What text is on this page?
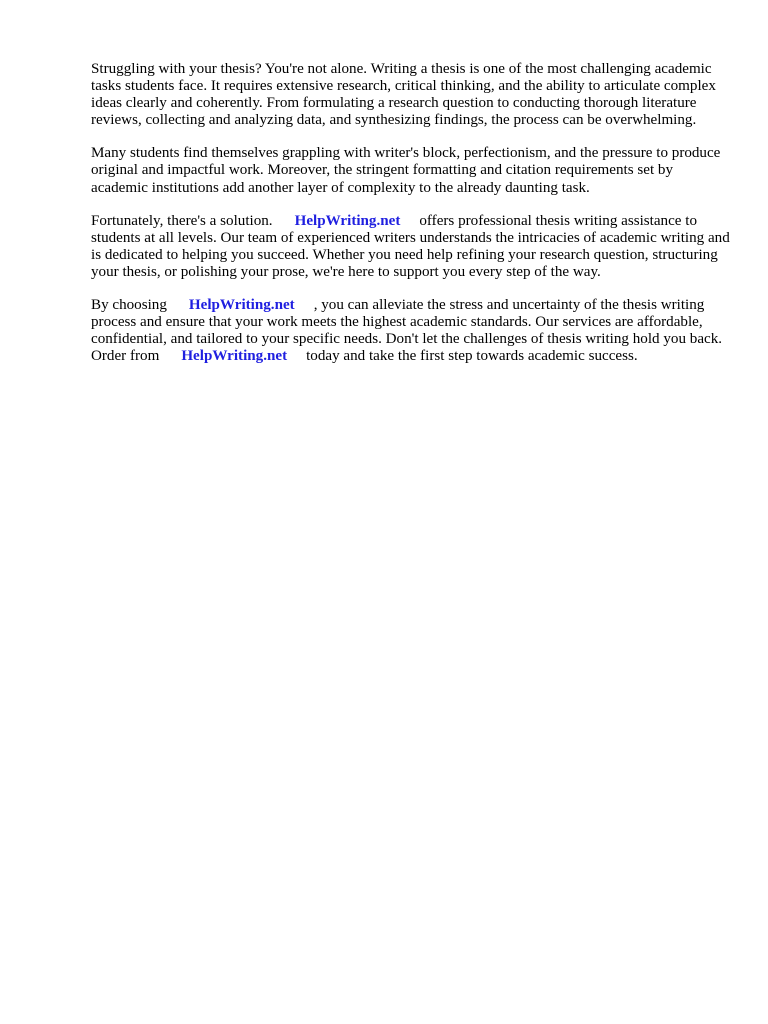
Struggling with your thesis? You're not alone. Writing a thesis is one of the most challenging academic tasks students face. It requires extensive research, critical thinking, and the ability to articulate complex ideas clearly and coherently. From formulating a research question to conducting thorough literature reviews, collecting and analyzing data, and synthesizing findings, the process can be overwhelming.

Many students find themselves grappling with writer's block, perfectionism, and the pressure to produce original and impactful work. Moreover, the stringent formatting and citation requirements set by academic institutions add another layer of complexity to the already daunting task.

Fortunately, there's a solution. HelpWriting.net offers professional thesis writing assistance to students at all levels. Our team of experienced writers understands the intricacies of academic writing and is dedicated to helping you succeed. Whether you need help refining your research question, structuring your thesis, or polishing your prose, we're here to support you every step of the way.

By choosing HelpWriting.net , you can alleviate the stress and uncertainty of the thesis writing process and ensure that your work meets the highest academic standards. Our services are affordable, confidential, and tailored to your specific needs. Don't let the challenges of thesis writing hold you back. Order from HelpWriting.net today and take the first step towards academic success.
